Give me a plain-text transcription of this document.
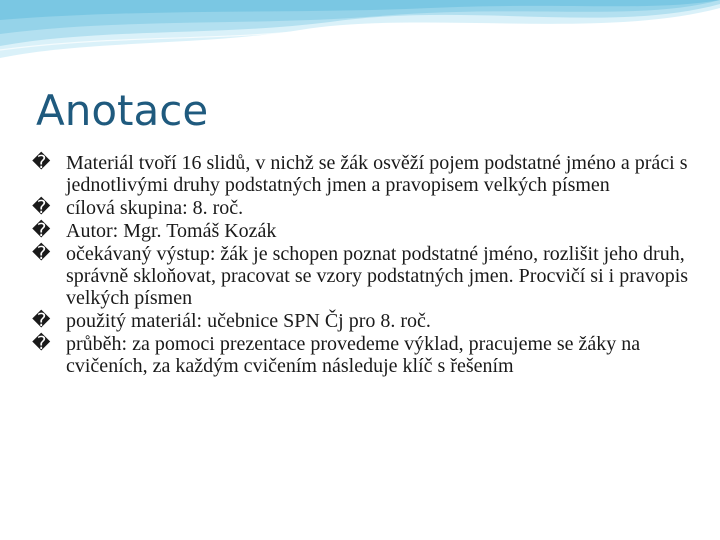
Anotace
� Materiál tvoří 16 slidů, v nichž se žák osvěží pojem podstatné jméno a práci s jednotlivými druhy podstatných jmen a pravopisem velkých písmen
� cílová skupina: 8. roč.
� Autor: Mgr. Tomáš Kozák
� očekávaný výstup: žák je schopen poznat podstatné jméno, rozlišit jeho druh, správně skloňovat, pracovat se vzory podstatných jmen. Procvičí si i pravopis velkých písmen
� použitý materiál: učebnice SPN Čj pro 8. roč.
� průběh: za pomoci prezentace provedeme výklad, pracujeme se žáky na cvičeních, za každým cvičením následuje klíč s řešením
